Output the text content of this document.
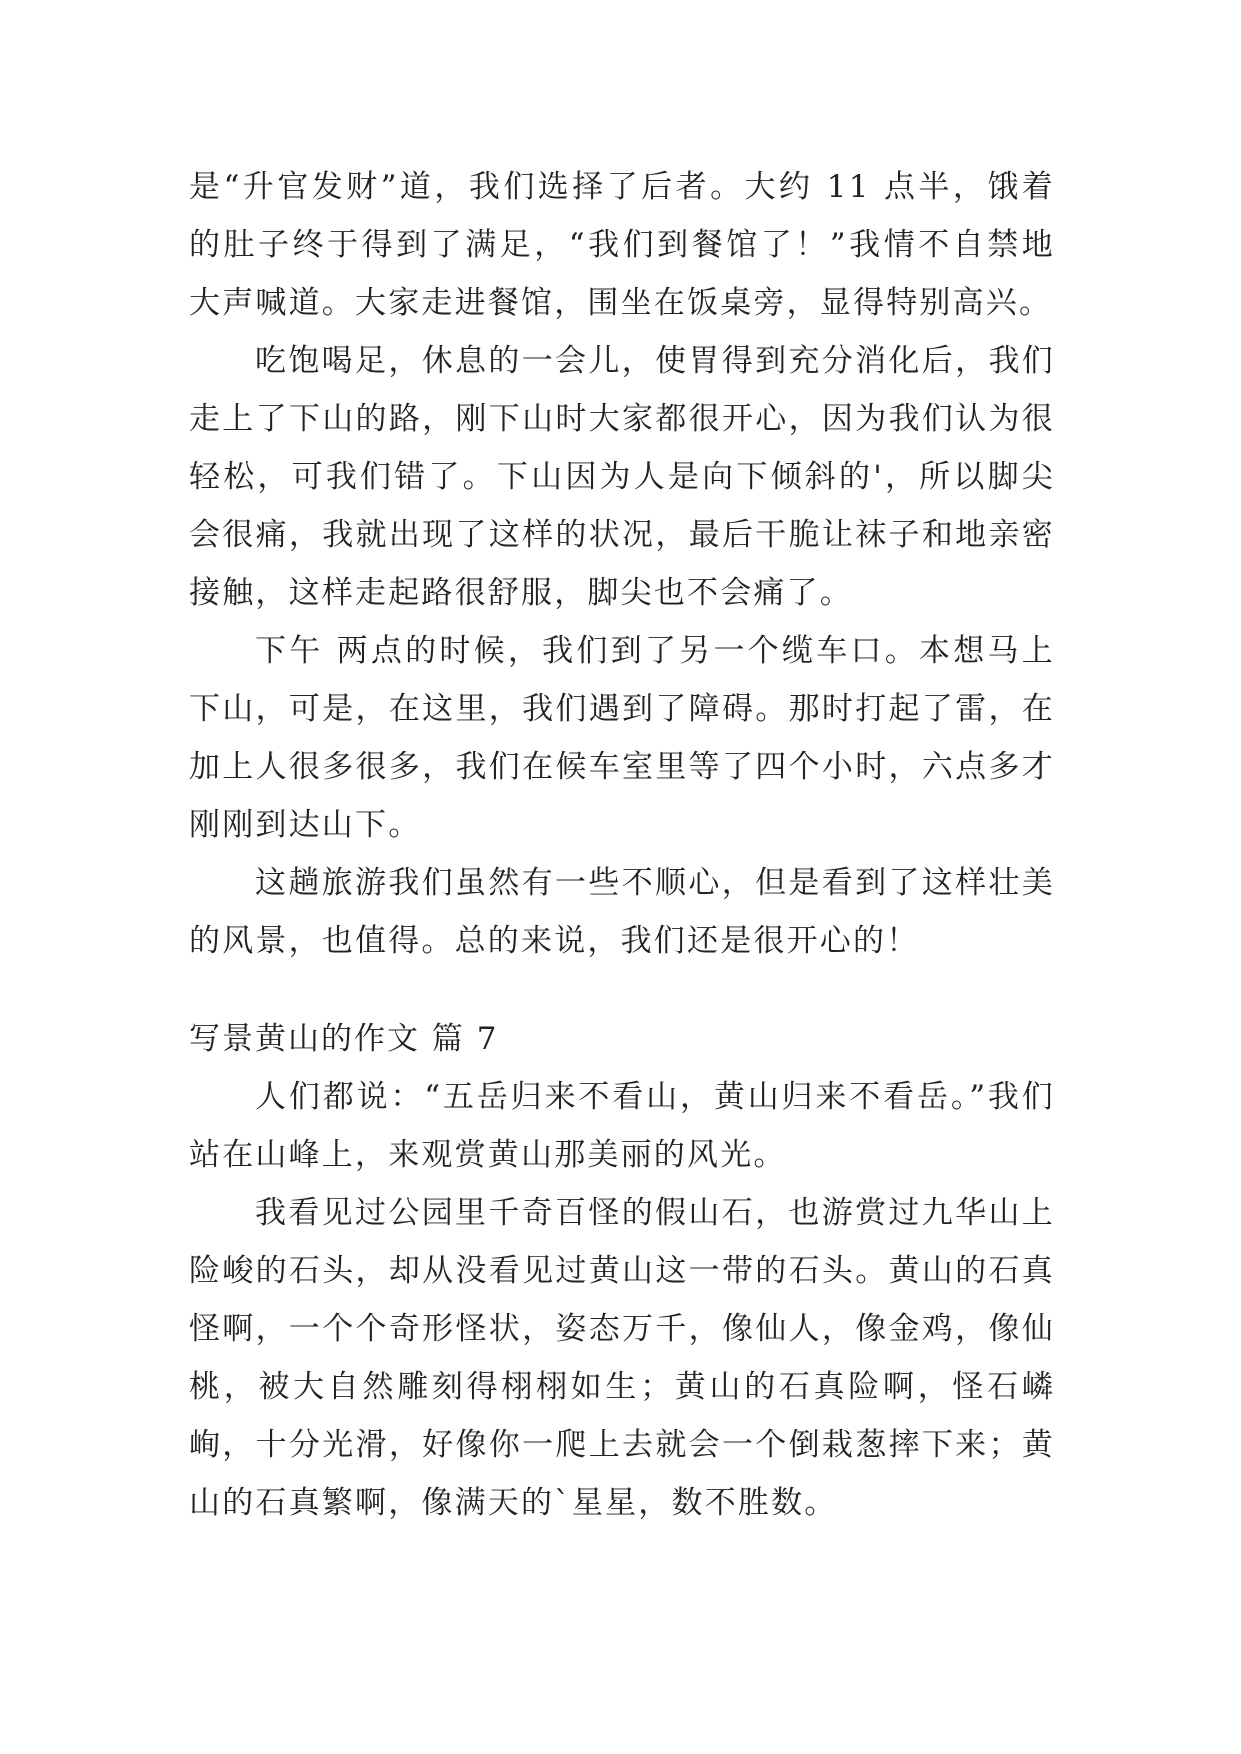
是“升官发财”道，我们选择了后者。大约 11 点半，饿着的肚子终于得到了满足，“我们到餐馆了！”我情不自禁地大声喊道。大家走进餐馆，围坐在饭桌旁，显得特别高兴。

吃饱喝足，休息的一会儿，使胃得到充分消化后，我们走上了下山的路，刚下山时大家都很开心，因为我们认为很轻松，可我们错了。下山因为人是向下倾斜的'，所以脚尖会很痛，我就出现了这样的状况，最后干脆让袜子和地亲密接触，这样走起路很舒服，脚尖也不会痛了。

下午 两点的时候，我们到了另一个缆车口。本想马上下山，可是，在这里，我们遇到了障碍。那时打起了雷，在加上人很多很多，我们在候车室里等了四个小时，六点多才刚刚到达山下。

这趟旅游我们虽然有一些不顺心，但是看到了这样壮美的风景，也值得。总的来说，我们还是很开心的！

写景黄山的作文 篇 7

人们都说：“五岳归来不看山，黄山归来不看岳。”我们站在山峰上，来观赏黄山那美丽的风光。

我看见过公园里千奇百怪的假山石，也游赏过九华山上险峻的石头，却从没看见过黄山这一带的石头。黄山的石真怪啊，一个个奇形怪状，姿态万千，像仙人，像金鸡，像仙桃，被大自然雕刻得栩栩如生；黄山的石真险啊，怪石嶙峋，十分光滑，好像你一爬上去就会一个倒栽葱摔下来；黄山的石真繁啊，像满天的`星星，数不胜数。
